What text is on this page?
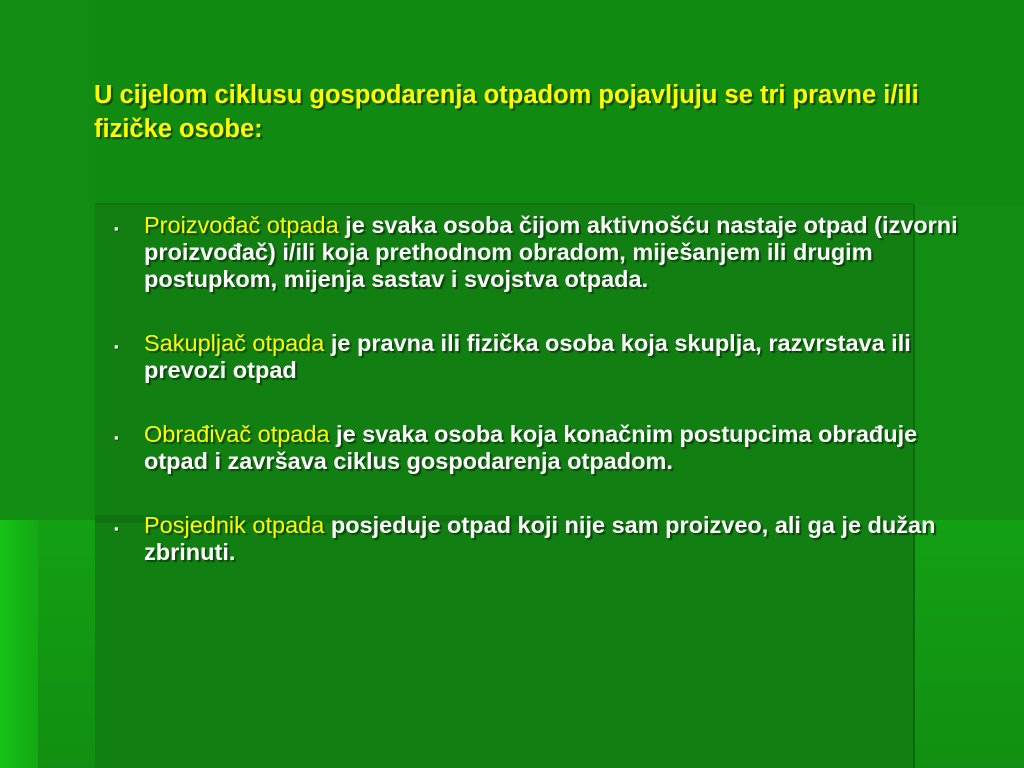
U cijelom ciklusu gospodarenja otpadom pojavljuju se tri pravne i/ili fizičke osobe:
▪ Proizvođač otpada je svaka osoba čijom aktivnošću nastaje otpad (izvorni proizvođač) i/ili koja prethodnom obradom, miješanjem ili drugim postupkom, mijenja sastav i svojstva otpada.
▪ Sakupljač otpada je pravna ili fizička osoba koja skuplja, razvrstava ili prevozi otpad
▪ Obrađivač otpada je svaka osoba koja konačnim postupcima obrađuje otpad i završava ciklus gospodarenja otpadom.
▪ Posjednik otpada posjeduje otpad koji nije sam proizveo, ali ga je dužan zbrinuti.
